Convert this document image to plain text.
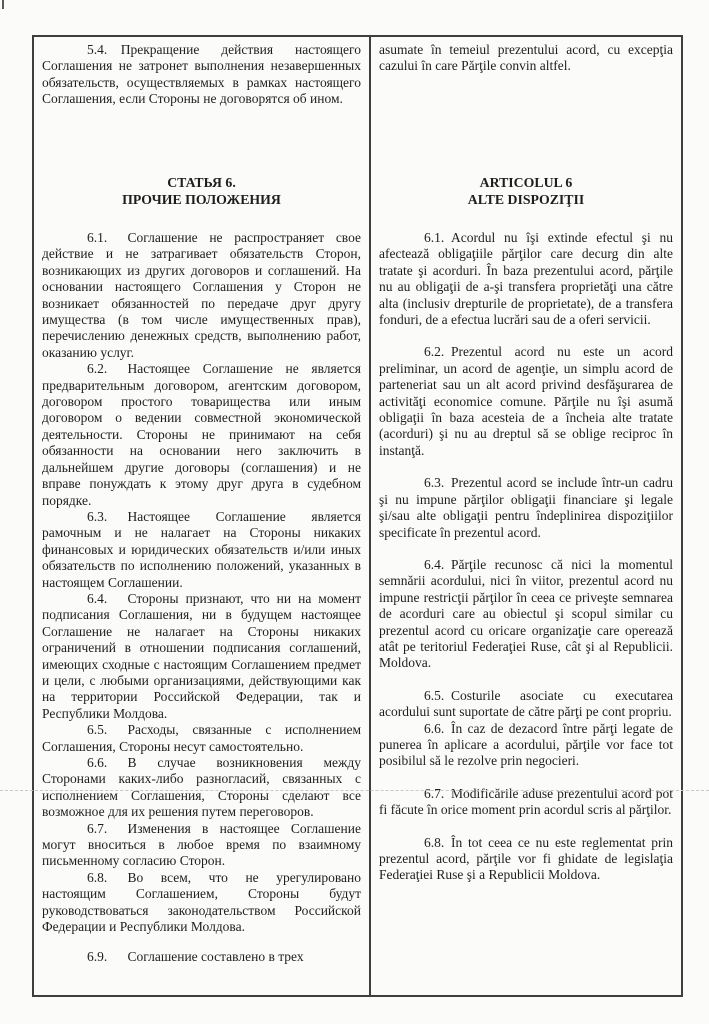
5.4. Прекращение действия настоящего Соглашения не затронет выполнения незавершенных обязательств, осуществляемых в рамках настоящего Соглашения, если Стороны не договорятся об ином.

СТАТЬЯ 6.
ПРОЧИЕ ПОЛОЖЕНИЯ

6.1.  Соглашение не распространяет свое действие и не затрагивает обязательств Сторон, возникающих из других договоров и соглашений. На основании настоящего Соглашения у Сторон не возникает обязанностей по передаче друг другу имущества (в том числе имущественных прав), перечислению денежных средств, выполнению работ, оказанию услуг.

6.2.  Настоящее Соглашение не является предварительным договором, агентским договором, договором простого товарищества или иным договором о ведении совместной экономической деятельности. Стороны не принимают на себя обязанности на основании него заключить в дальнейшем другие договоры (соглашения) и не вправе понуждать к этому друг друга в судебном порядке.

6.3.  Настоящее Соглашение является рамочным и не налагает на Стороны никаких финансовых и юридических обязательств и/или иных обязательств по исполнению положений, указанных в настоящем Соглашении.

6.4.  Стороны признают, что ни на момент подписания Соглашения, ни в будущем настоящее Соглашение не налагает на Стороны никаких ограничений в отношении подписания соглашений, имеющих сходные с настоящим Соглашением предмет и цели, с любыми организациями, действующими как на территории Российской Федерации, так и Республики Молдова.

6.5.  Расходы, связанные с исполнением Соглашения, Стороны несут самостоятельно.

6.6.  В случае возникновения между Сторонами каких-либо разногласий, связанных с исполнением Соглашения, Стороны сделают все возможное для их решения путем переговоров.

6.7.  Изменения в настоящее Соглашение могут вноситься в любое время по взаимному письменному согласию Сторон.

6.8.  Во всем, что не урегулировано настоящим Соглашением, Стороны будут руководствоваться законодательством Российской Федерации и Республики Молдова.

6.9.  Соглашение составлено в трех

asumate în temeiul prezentului acord, cu excepţia cazului în care Părţile convin altfel.

ARTICOLUL 6
ALTE DISPOZIŢII

6.1. Acordul nu îşi extinde efectul şi nu afectează obligaţiile părţilor care decurg din alte tratate şi acorduri. În baza prezentului acord, părţile nu au obligaţii de a-şi transfera proprietăţi una către alta (inclusiv drepturile de proprietate), de a transfera fonduri, de a efectua lucrări sau de a oferi servicii.

6.2. Prezentul acord nu este un acord preliminar, un acord de agenţie, un simplu acord de parteneriat sau un alt acord privind desfăşurarea de activităţi economice comune. Părţile nu îşi asumă obligaţii în baza acesteia de a încheia alte tratate (acorduri) şi nu au dreptul să se oblige reciproc în instanţă.

6.3. Prezentul acord se include într-un cadru şi nu impune părţilor obligaţii financiare şi legale şi/sau alte obligaţii pentru îndeplinirea dispoziţiilor specificate în prezentul acord.

6.4. Părţile recunosc că nici la momentul semnării acordului, nici în viitor, prezentul acord nu impune restricţii părţilor în ceea ce priveşte semnarea de acorduri care au obiectul şi scopul similar cu prezentul acord cu oricare organizaţie care operează atât pe teritoriul Federaţiei Ruse, cât şi al Republicii. Moldova.

6.5. Costurile asociate cu executarea acordului sunt suportate de către părţi pe cont propriu.

6.6. În caz de dezacord între părţi legate de punerea în aplicare a acordului, părţile vor face tot posibilul să le rezolve prin negocieri.

6.7. Modificările aduse prezentului acord pot fi făcute în orice moment prin acordul scris al părţilor.

6.8. În tot ceea ce nu este reglementat prin prezentul acord, părţile vor fi ghidate de legislaţia Federaţiei Ruse şi a Republicii Moldova.
